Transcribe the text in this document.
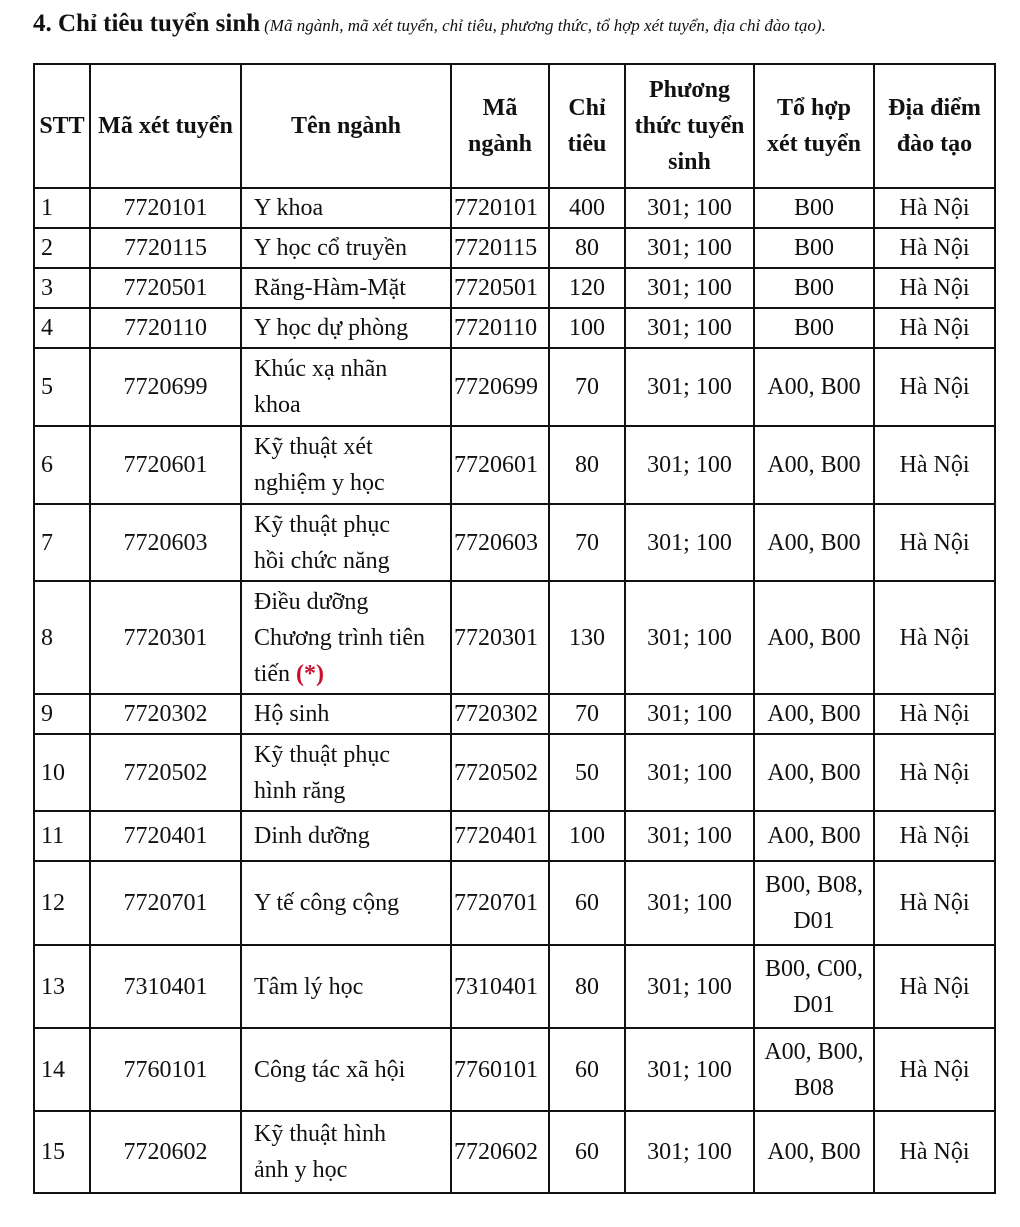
4. Chỉ tiêu tuyển sinh (Mã ngành, mã xét tuyển, chỉ tiêu, phương thức, tổ hợp xét tuyển, địa chỉ đào tạo).
STT	Mã xét tuyển	Tên ngành	Mã ngành	Chỉ tiêu	Phương thức tuyển sinh	Tổ hợp xét tuyển	Địa điểm đào tạo
1	7720101	Y khoa	7720101	400	301; 100	B00	Hà Nội
2	7720115	Y học cổ truyền	7720115	80	301; 100	B00	Hà Nội
3	7720501	Răng-Hàm-Mặt	7720501	120	301; 100	B00	Hà Nội
4	7720110	Y học dự phòng	7720110	100	301; 100	B00	Hà Nội
5	7720699	Khúc xạ nhãn khoa	7720699	70	301; 100	A00, B00	Hà Nội
6	7720601	Kỹ thuật xét nghiệm y học	7720601	80	301; 100	A00, B00	Hà Nội
7	7720603	Kỹ thuật phục hồi chức năng	7720603	70	301; 100	A00, B00	Hà Nội
8	7720301	Điều dưỡng Chương trình tiên tiến (*)	7720301	130	301; 100	A00, B00	Hà Nội
9	7720302	Hộ sinh	7720302	70	301; 100	A00, B00	Hà Nội
10	7720502	Kỹ thuật phục hình răng	7720502	50	301; 100	A00, B00	Hà Nội
11	7720401	Dinh dưỡng	7720401	100	301; 100	A00, B00	Hà Nội
12	7720701	Y tế công cộng	7720701	60	301; 100	B00, B08, D01	Hà Nội
13	7310401	Tâm lý học	7310401	80	301; 100	B00, C00, D01	Hà Nội
14	7760101	Công tác xã hội	7760101	60	301; 100	A00, B00, B08	Hà Nội
15	7720602	Kỹ thuật hình ảnh y học	7720602	60	301; 100	A00, B00	Hà Nội
